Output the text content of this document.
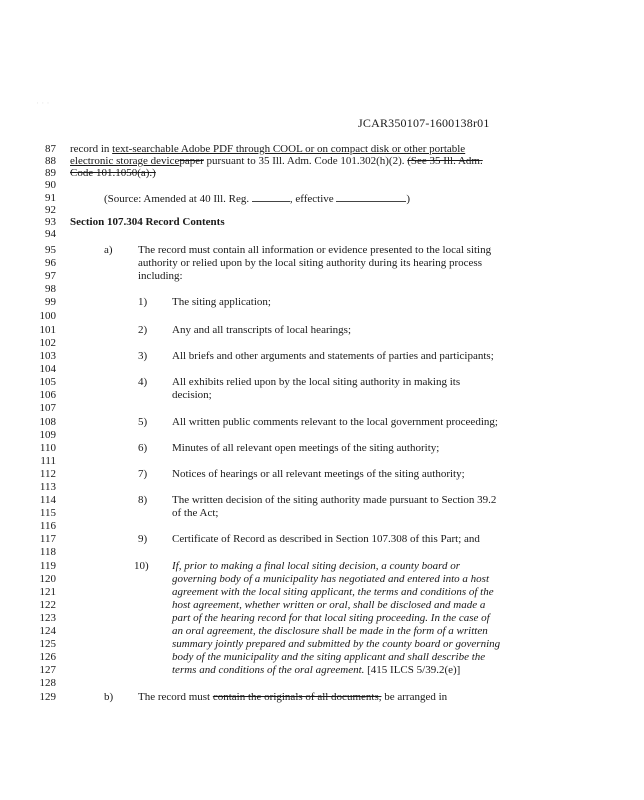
· · ·
JCAR350107-1600138r01
87
88
89
90
91
92
93
94
95
96
97
98
99
100
101
102
103
104
105
106
107
108
109
110
111
112
113
114
115
116
117
118
119
120
121
122
123
124
125
126
127
128
129
record in text-searchable Adobe PDF through COOL or on compact disk or other portable
electronic storage devicepaper pursuant to 35 Ill. Adm. Code 101.302(h)(2). (See 35 Ill. Adm.
Code 101.1050(a).)
(Source: Amended at 40 Ill. Reg.	, effective	)
Section 107.304 Record Contents
a) The record must contain all information or evidence presented to the local siting
authority or relied upon by the local siting authority during its hearing process
including:
1) The siting application;
2) Any and all transcripts of local hearings;
3) All briefs and other arguments and statements of parties and participants;
4) All exhibits relied upon by the local siting authority in making its
decision;
5) All written public comments relevant to the local government proceeding;
6) Minutes of all relevant open meetings of the siting authority;
7) Notices of hearings or all relevant meetings of the siting authority;
8) The written decision of the siting authority made pursuant to Section 39.2
of the Act;
9) Certificate of Record as described in Section 107.308 of this Part; and
10) If, prior to making a final local siting decision, a county board or
governing body of a municipality has negotiated and entered into a host
agreement with the local siting applicant, the terms and conditions of the
host agreement, whether written or oral, shall be disclosed and made a
part of the hearing record for that local siting proceeding. In the case of
an oral agreement, the disclosure shall be made in the form of a written
summary jointly prepared and submitted by the county board or governing
body of the municipality and the siting applicant and shall describe the
terms and conditions of the oral agreement. [415 ILCS 5/39.2(e)]
b) The record must contain the originals of all documents, be arranged in
